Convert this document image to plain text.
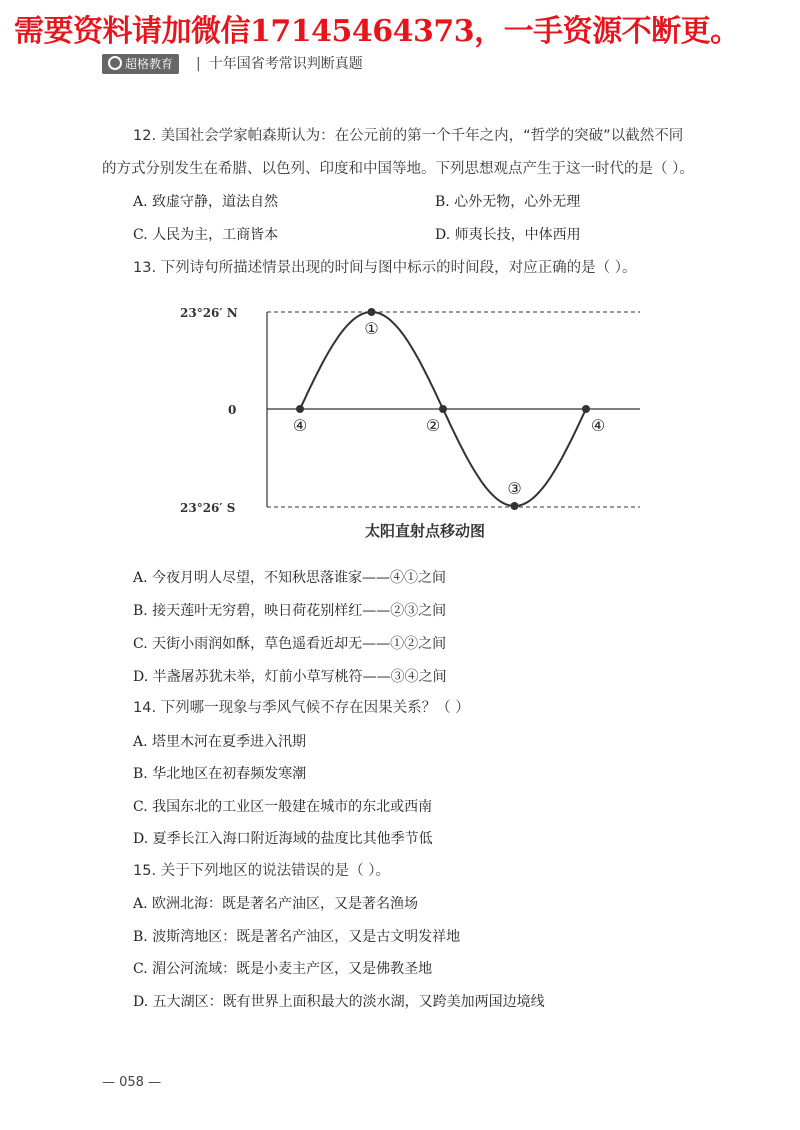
需要资料请加微信17145464373，一手资源不断更。
超格教育
|	十年国省考常识判断真题
12. 美国社会学家帕森斯认为：在公元前的第一个千年之内，“哲学的突破”以截然不同
的方式分别发生在希腊、以色列、印度和中国等地。下列思想观点产生于这一时代的是（ ）。
A. 致虚守静，道法自然	B. 心外无物，心外无理
C. 人民为主，工商皆本	D. 师夷长技，中体西用
13. 下列诗句所描述情景出现的时间与图中标示的时间段，对应正确的是（ ）。
23°26′ N
0
23°26′ S
④
①
②
③
④
太阳直射点移动图
A. 今夜月明人尽望，不知秋思落谁家——④①之间
B. 接天莲叶无穷碧，映日荷花别样红——②③之间
C. 天街小雨润如酥，草色遥看近却无——①②之间
D. 半盏屠苏犹未举，灯前小草写桃符——③④之间
14. 下列哪一现象与季风气候不存在因果关系？（ ）
A. 塔里木河在夏季进入汛期
B. 华北地区在初春频发寒潮
C. 我国东北的工业区一般建在城市的东北或西南
D. 夏季长江入海口附近海域的盐度比其他季节低
15. 关于下列地区的说法错误的是（ ）。
A. 欧洲北海：既是著名产油区，又是著名渔场
B. 波斯湾地区：既是著名产油区，又是古文明发祥地
C. 湄公河流域：既是小麦主产区，又是佛教圣地
D. 五大湖区：既有世界上面积最大的淡水湖，又跨美加两国边境线
— 058 —
